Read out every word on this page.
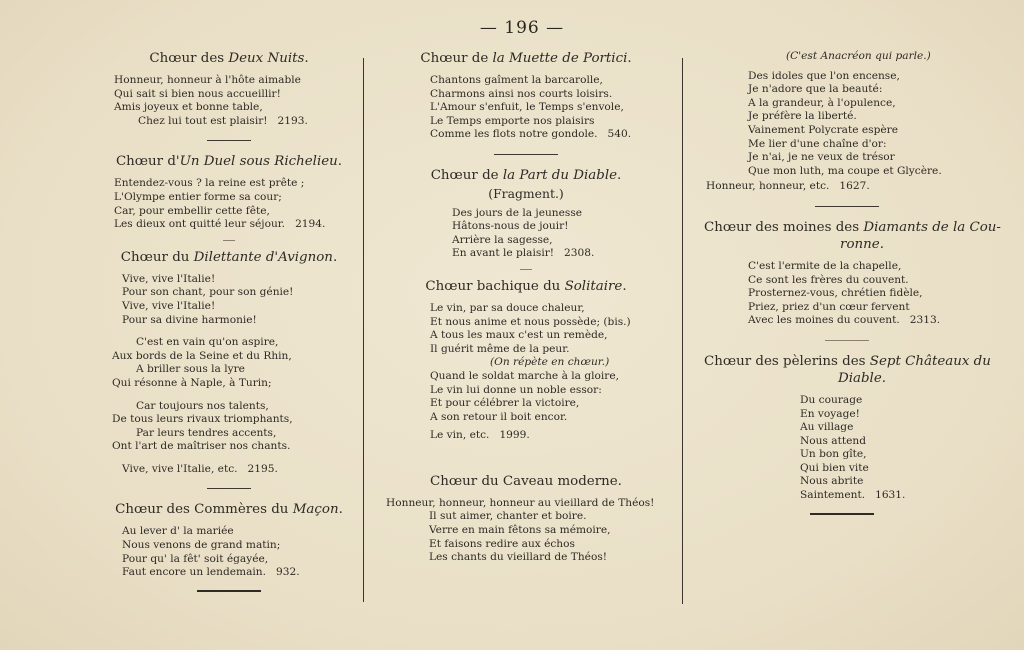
— 196 —
Chœur des Deux Nuits.
Honneur, honneur à l'hôte aimable
Qui sait si bien nous accueillir!
Amis joyeux et bonne table,
Chez lui tout est plaisir! 2193.
Chœur d'Un Duel sous Richelieu.
Entendez-vous ? la reine est prête ;
L'Olympe entier forme sa cour;
Car, pour embellir cette fête,
Les dieux ont quitté leur séjour. 2194.
Chœur du Dilettante d'Avignon.
Vive, vive l'Italie!
Pour son chant, pour son génie!
Vive, vive l'Italie!
Pour sa divine harmonie!
C'est en vain qu'on aspire,
Aux bords de la Seine et du Rhin,
A briller sous la lyre
Qui résonne à Naple, à Turin;
Car toujours nos talents,
De tous leurs rivaux triomphants,
Par leurs tendres accents,
Ont l'art de maîtriser nos chants.
Vive, vive l'Italie, etc. 2195.
Chœur des Commères du Maçon.
Au lever d' la mariée
Nous venons de grand matin;
Pour qu' la fêt' soit égayée,
Faut encore un lendemain. 932.
Chœur de la Muette de Portici.
Chantons gaîment la barcarolle,
Charmons ainsi nos courts loisirs.
L'Amour s'enfuit, le Temps s'envole,
Le Temps emporte nos plaisirs
Comme les flots notre gondole. 540.
Chœur de la Part du Diable.
(Fragment.)
Des jours de la jeunesse
Hâtons-nous de jouir!
Arrière la sagesse,
En avant le plaisir! 2308.
Chœur bachique du Solitaire.
Le vin, par sa douce chaleur,
Et nous anime et nous possède; (bis.)
A tous les maux c'est un remède,
Il guérit même de la peur.
(On répète en chœur.)
Quand le soldat marche à la gloire,
Le vin lui donne un noble essor:
Et pour célébrer la victoire,
A son retour il boit encor.
Le vin, etc. 1999.
Chœur du Caveau moderne.
Honneur, honneur, honneur au vieillard de Théos!
Il sut aimer, chanter et boire.
Verre en main fêtons sa mémoire,
Et faisons redire aux échos
Les chants du vieillard de Théos!
(C'est Anacréon qui parle.)
Des idoles que l'on encense,
Je n'adore que la beauté:
A la grandeur, à l'opulence,
Je préfère la liberté.
Vainement Polycrate espère
Me lier d'une chaîne d'or:
Je n'ai, je ne veux de trésor
Que mon luth, ma coupe et Glycère.
Honneur, honneur, etc. 1627.
Chœur des moines des Diamants de la Cou-
ronne.
C'est l'ermite de la chapelle,
Ce sont les frères du couvent.
Prosternez-vous, chrétien fidèle,
Priez, priez d'un cœur fervent
Avec les moines du couvent. 2313.
Chœur des pèlerins des Sept Châteaux du
Diable.
Du courage
En voyage!
Au village
Nous attend
Un bon gîte,
Qui bien vite
Nous abrite
Saintement. 1631.
